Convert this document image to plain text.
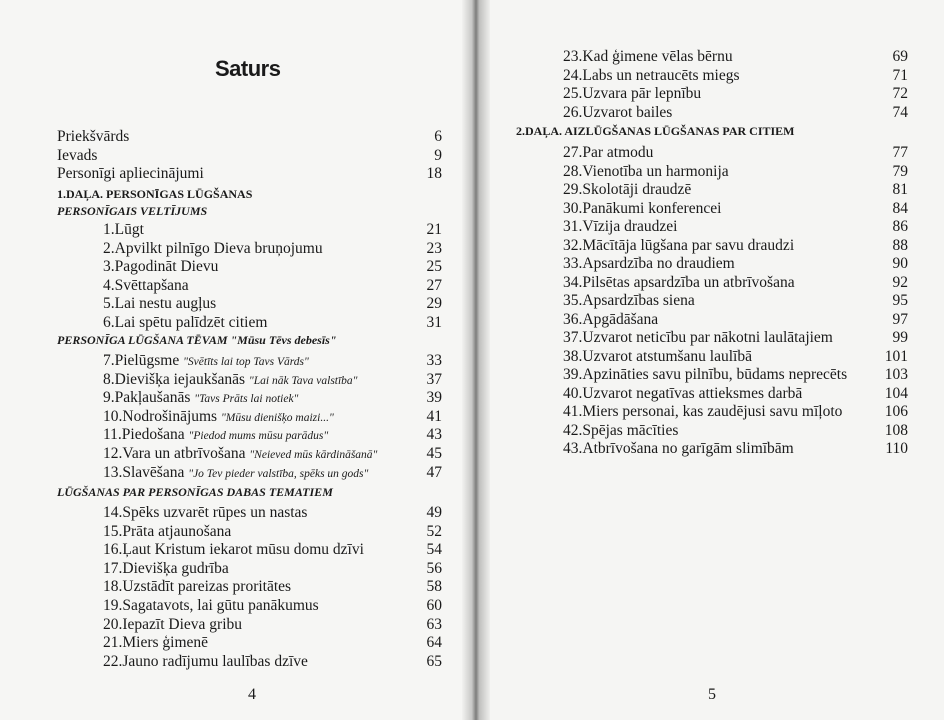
Saturs
Priekšvārds	6
Ievads	9
Personīgi apliecinājumi	18
1.DAĻA. PERSONĪGAS LŪGŠANAS
PERSONĪGAIS VELTĪJUMS
1.Lūgt	21
2.Apvilkt pilnīgo Dieva bruņojumu	23
3.Pagodināt Dievu	25
4.Svēttapšana	27
5.Lai nestu augļus	29
6.Lai spētu palīdzēt citiem	31
PERSONĪGA LŪGŠANA TĒVAM "Mūsu Tēvs debesīs"
7.Pielūgsme "Svētīts lai top Tavs Vārds"	33
8.Dievišķa iejaukšanās "Lai nāk Tava valstība"	37
9.Pakļaušanās "Tavs Prāts lai notiek"	39
10.Nodrošinājums "Mūsu dienišķo maizi..."	41
11.Piedošana "Piedod mums mūsu parādus"	43
12.Vara un atbrīvošana "Neieved mūs kārdināšanā"	45
13.Slavēšana "Jo Tev pieder valstība, spēks un gods"	47
LŪGŠANAS PAR PERSONĪGAS DABAS TEMATIEM
14.Spēks uzvarēt rūpes un nastas	49
15.Prāta atjaunošana	52
16.Ļaut Kristum iekarot mūsu domu dzīvi	54
17.Dievišķa gudrība	56
18.Uzstādīt pareizas proritātes	58
19.Sagatavots, lai gūtu panākumus	60
20.Iepazīt Dieva gribu	63
21.Miers ģimenē	64
22.Jauno radījumu laulības dzīve	65
4
23.Kad ģimene vēlas bērnu	69
24.Labs un netraucēts miegs	71
25.Uzvara pār lepnību	72
26.Uzvarot bailes	74
2.DAĻA. AIZLŪGŠANAS LŪGŠANAS PAR CITIEM
27.Par atmodu	77
28.Vienotība un harmonija	79
29.Skolotāji draudzē	81
30.Panākumi konferencei	84
31.Vīzija draudzei	86
32.Mācītāja lūgšana par savu draudzi	88
33.Apsardzība no draudiem	90
34.Pilsētas apsardzība un atbrīvošana	92
35.Apsardzības siena	95
36.Apgādāšana	97
37.Uzvarot neticību par nākotni laulātajiem	99
38.Uzvarot atstumšanu laulībā	101
39.Apzināties savu pilnību, būdams neprecēts 103
40.Uzvarot negatīvas attieksmes darbā	104
41.Miers personai, kas zaudējusi savu mīļoto	106
42.Spējas mācīties	108
43.Atbrīvošana no garīgām slimībām	110
5
